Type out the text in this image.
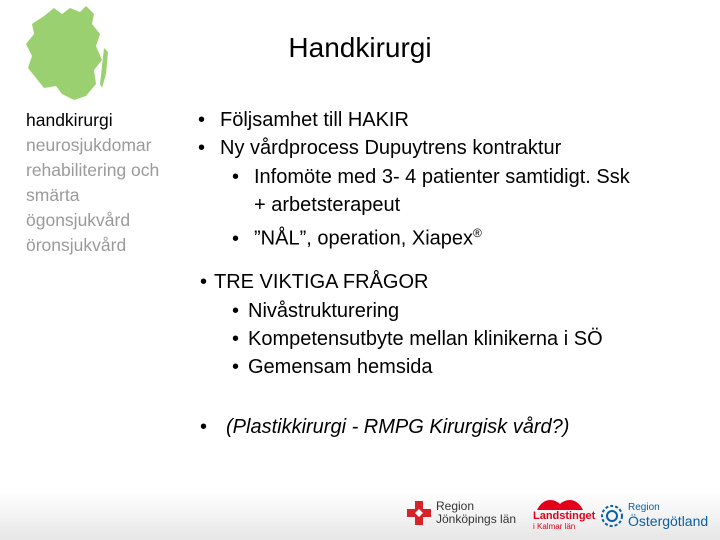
Handkirurgi
handkirurgi
neurosjukdomar
rehabilitering och
smärta
ögonsjukvård
öronsjukvård
• Följsamhet till HAKIR
• Ny vårdprocess Dupuytrens kontraktur
• Infomöte med 3- 4 patienter samtidigt. Ssk
+ arbetsterapeut
• ”NÅL”, operation, Xiapex®
• TRE VIKTIGA FRÅGOR
• Nivåstrukturering
• Kompetensutbyte mellan klinikerna i SÖ
• Gemensam hemsida
• (Plastikkirurgi - RMPG Kirurgisk vård?)
Region
Jönköpings län Landstinget
i Kalmar län
Region
Östergötland
